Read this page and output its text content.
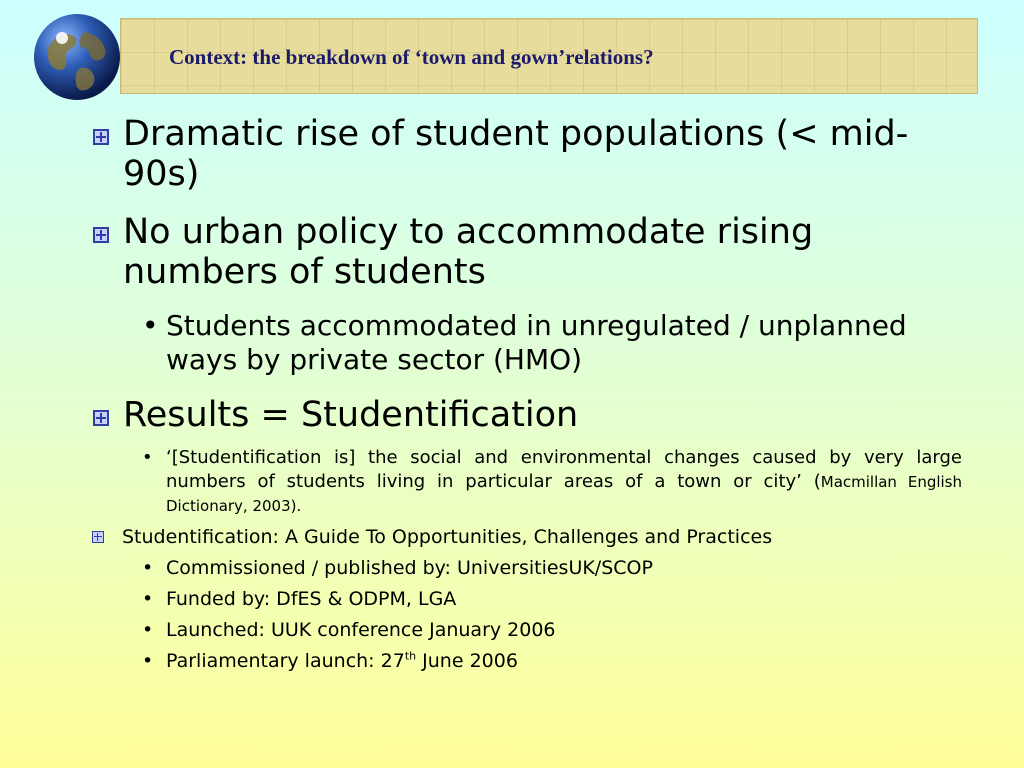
Context: the breakdown of ‘town and gown’relations?
Dramatic rise of student populations (< mid-90s)
No urban policy to accommodate rising numbers of students
• Students accommodated in unregulated / unplanned ways by private sector (HMO)
Results = Studentification
• ‘[Studentification is] the social and environmental changes caused by very large numbers of students living in particular areas of a town or city’ (Macmillan English Dictionary, 2003).
Studentification: A Guide To Opportunities, Challenges and Practices
• Commissioned / published by: UniversitiesUK/SCOP
• Funded by: DfES & ODPM, LGA
• Launched: UUK conference January 2006
• Parliamentary launch: 27th June 2006
